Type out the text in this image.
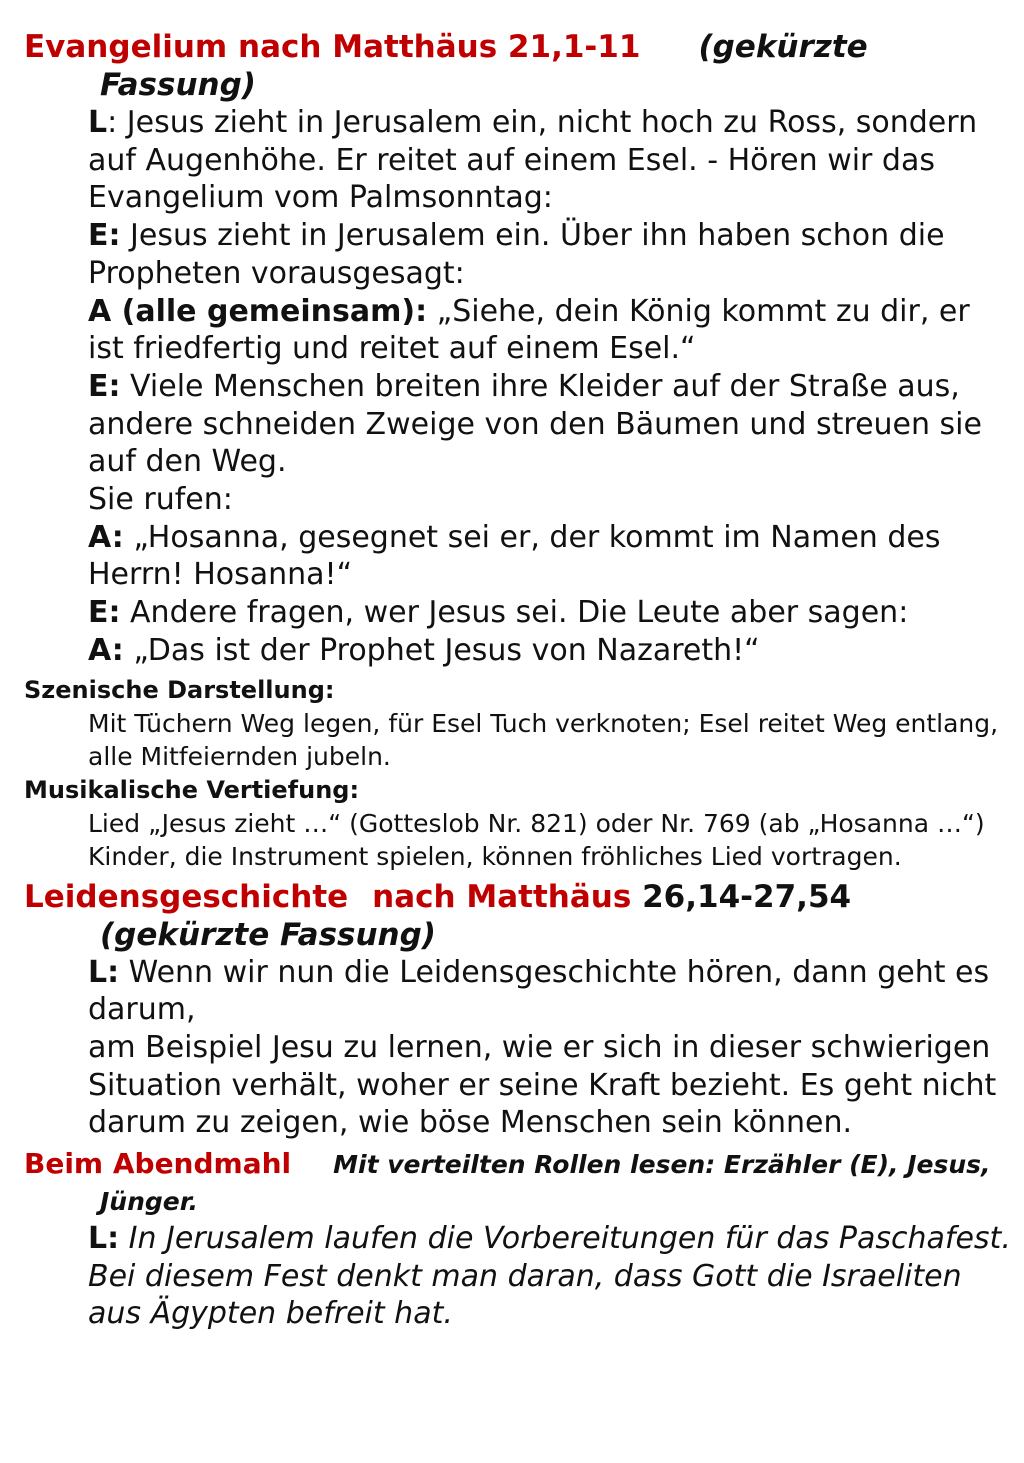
Evangelium nach Matthäus 21,1-11 (gekürzte Fassung)

L: Jesus zieht in Jerusalem ein, nicht hoch zu Ross, sondern auf Augenhöhe. Er reitet auf einem Esel. - Hören wir das Evangelium vom Palmsonntag:

E: Jesus zieht in Jerusalem ein. Über ihn haben schon die Propheten vorausgesagt:

A (alle gemeinsam): „Siehe, dein König kommt zu dir, er ist friedfertig und reitet auf einem Esel.“

E: Viele Menschen breiten ihre Kleider auf der Straße aus, andere schneiden Zweige von den Bäumen und streuen sie auf den Weg.

Sie rufen:

A: „Hosanna, gesegnet sei er, der kommt im Namen des Herrn! Hosanna!“

E: Andere fragen, wer Jesus sei. Die Leute aber sagen:

A: „Das ist der Prophet Jesus von Nazareth!“

Szenische Darstellung:

Mit Tüchern Weg legen, für Esel Tuch verknoten; Esel reitet Weg entlang, alle Mitfeiernden jubeln.

Musikalische Vertiefung:

Lied „Jesus zieht …“ (Gotteslob Nr. 821) oder Nr. 769 (ab „Hosanna …“)

Kinder, die Instrument spielen, können fröhliches Lied vortragen.

Leidensgeschichte nach Matthäus 26,14-27,54 (gekürzte Fassung)

L: Wenn wir nun die Leidensgeschichte hören, dann geht es darum,

am Beispiel Jesu zu lernen, wie er sich in dieser schwierigen Situation verhält, woher er seine Kraft bezieht. Es geht nicht darum zu zeigen, wie böse Menschen sein können.

Beim Abendmahl Mit verteilten Rollen lesen: Erzähler (E), Jesus, Jünger.

L: In Jerusalem laufen die Vorbereitungen für das Paschafest. Bei diesem Fest denkt man daran, dass Gott die Israeliten aus Ägypten befreit hat.
